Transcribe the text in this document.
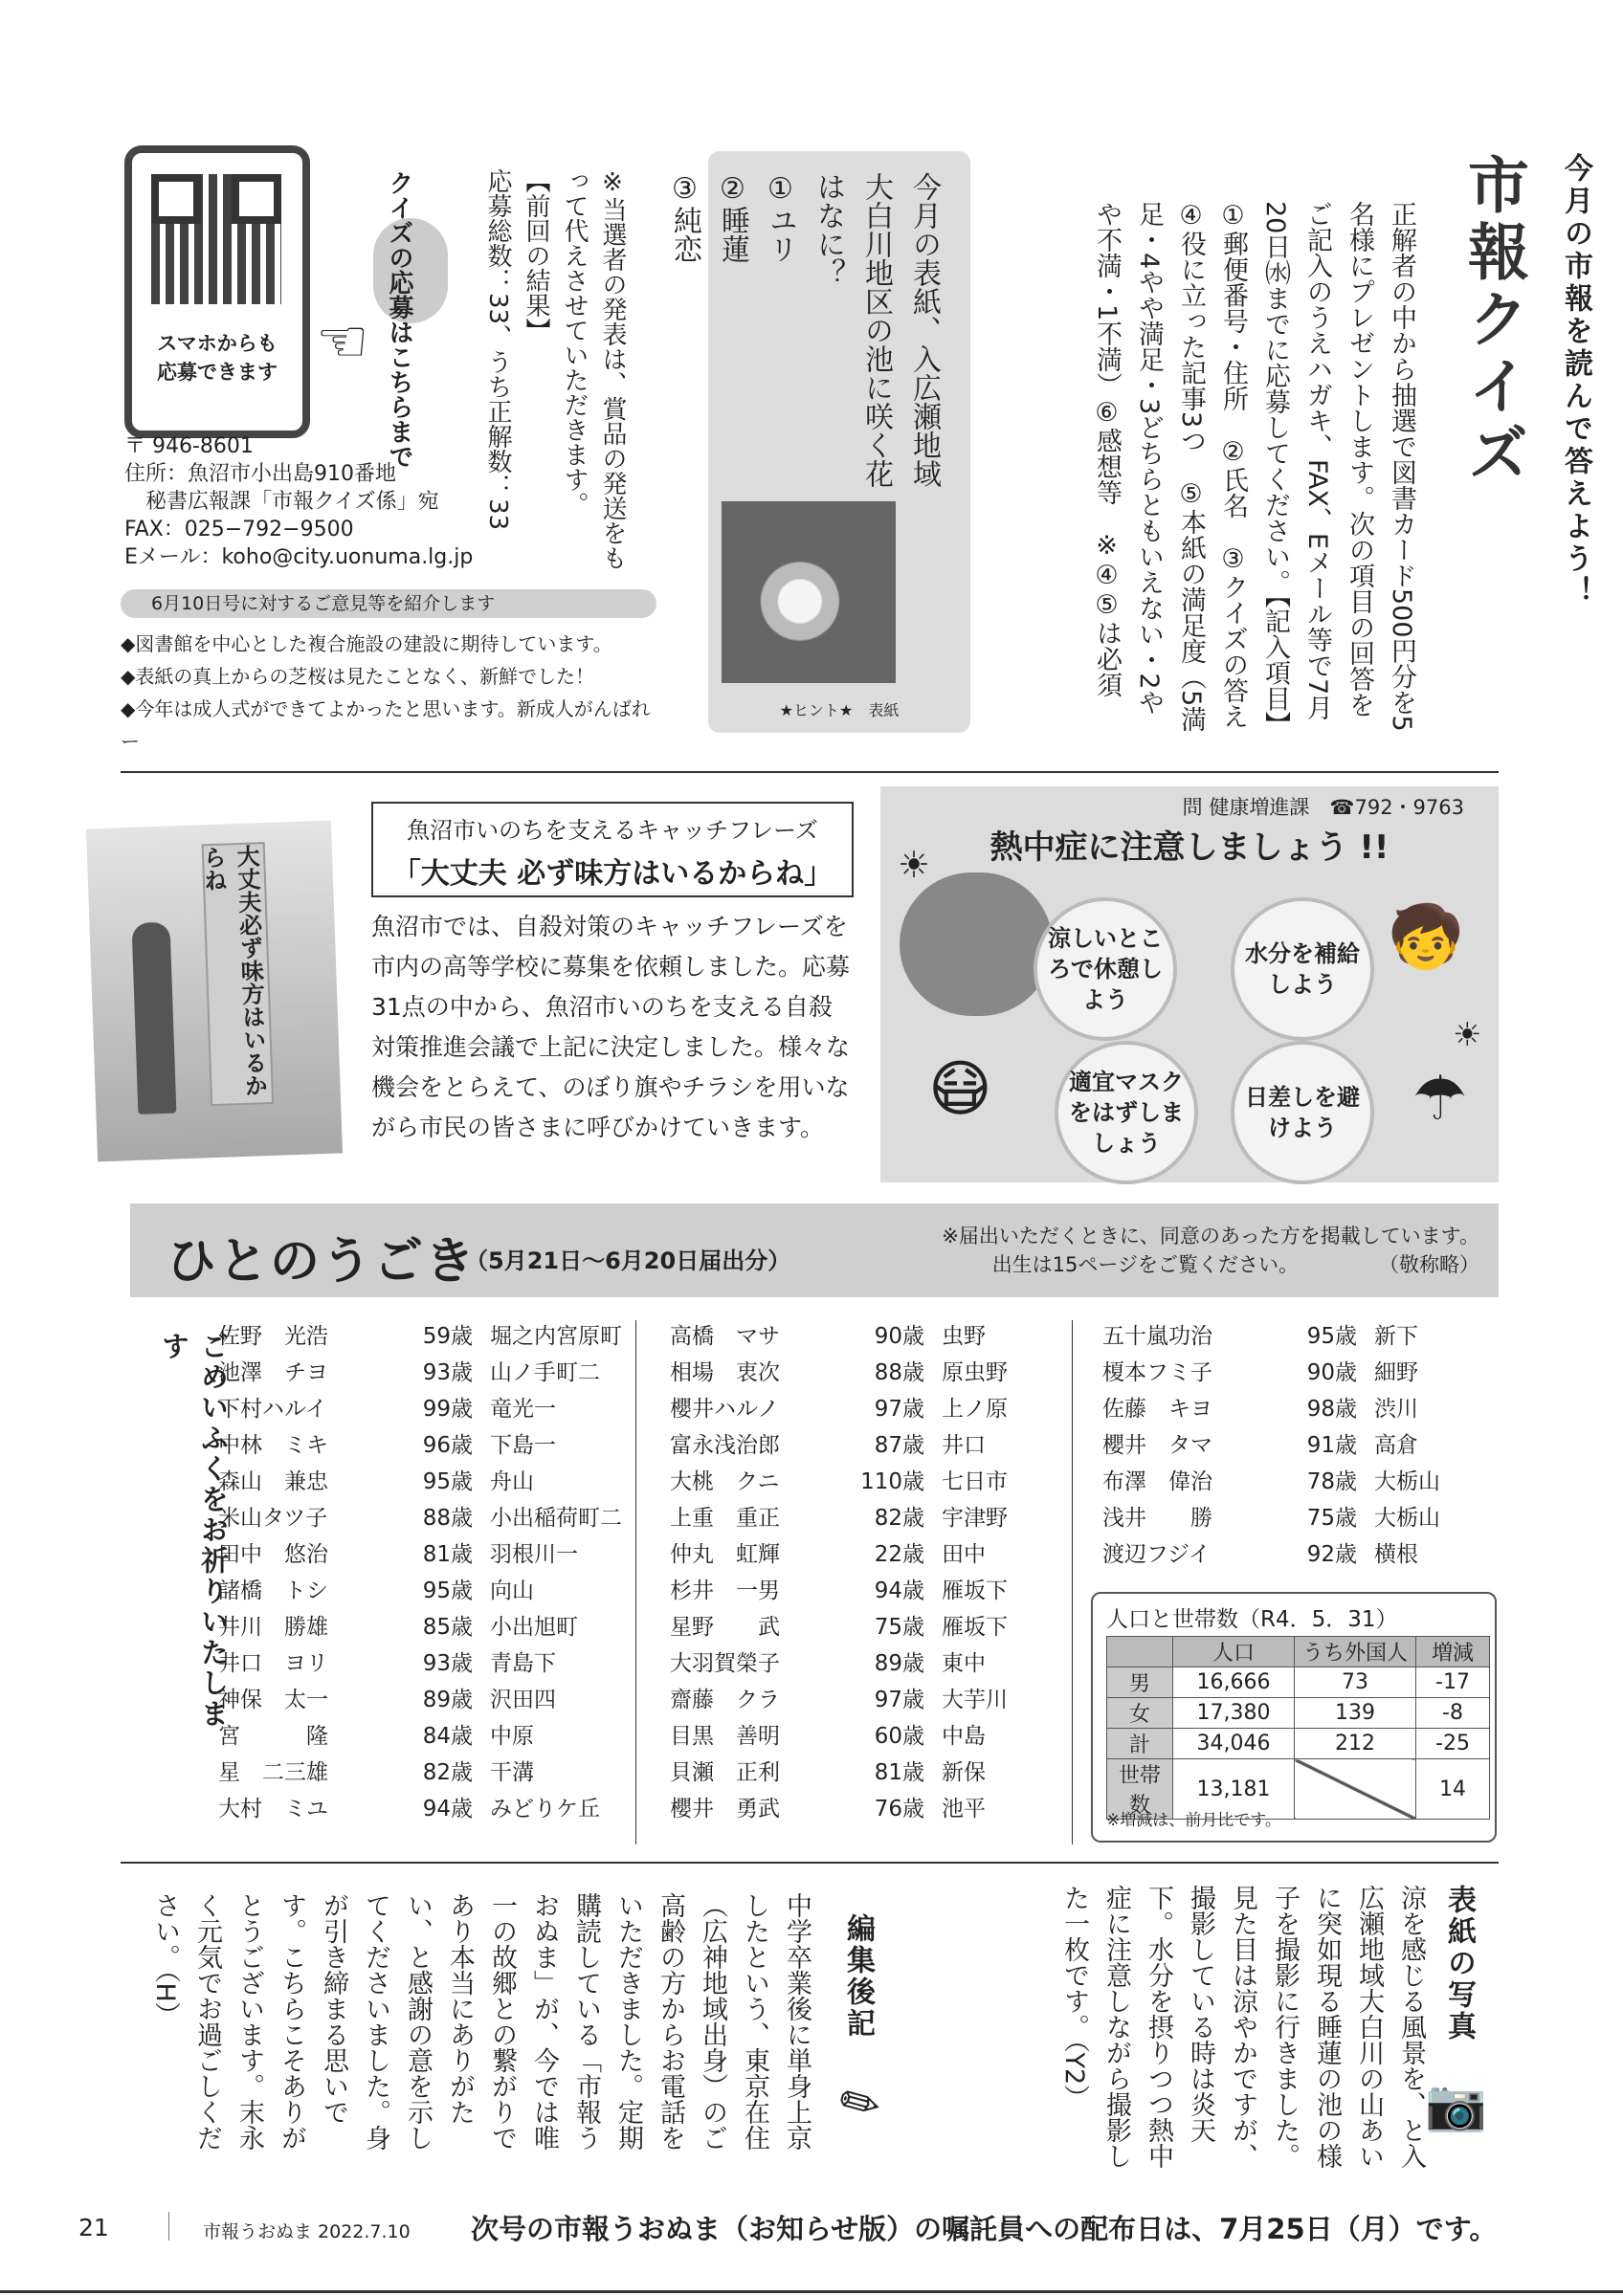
今月の市報を読んで答えよう！
市報クイズ
正解者の中から抽選で図書カード500円分を5名様にプレゼントします。次の項目の回答をご記入のうえハガキ、FAX、Eメール等で7月20日㈬までに応募してください。【記入項目】①郵便番号・住所　②氏名　③クイズの答え　④役に立った記事3つ　⑤本紙の満足度（5満足・4やや満足・3どちらともいえない・2やや不満・1不満）⑥感想等　※④⑤は必須
今月の表紙、入広瀬地域大白川地区の池に咲く花はなに？
①ユリ
②睡蓮
③純恋
★ヒント★　表紙
※当選者の発表は、賞品の発送をもって代えさせていただきます。
【前回の結果】
応募総数：33、うち正解数：33
クイズの応募はこちらまで
☜
スマホからも
応募できます
〒 946-8601
住所：魚沼市小出島910番地
　秘書広報課「市報クイズ係」宛
FAX：025−792−9500
Eメール：koho@city.uonuma.lg.jp
6月10日号に対するご意見等を紹介します
◆図書館を中心とした複合施設の建設に期待しています。
◆表紙の真上からの芝桜は見たことなく、新鮮でした！
◆今年は成人式ができてよかったと思います。新成人がんばれー
大丈夫必ず味方はいるからね
魚沼市いのちを支えるキャッチフレーズ
「大丈夫 必ず味方はいるからね」
魚沼市では、自殺対策のキャッチフレーズを市内の高等学校に募集を依頼しました。応募31点の中から、魚沼市いのちを支える自殺対策推進会議で上記に決定しました。様々な機会をとらえて、のぼり旗やチラシを用いながら市民の皆さまに呼びかけていきます。
問 健康増進課　☎792・9763
熱中症に注意しましょう !!
☀
☀
🧒
😷	☂
涼しいところで休憩しよう
水分を補給しよう
適宜マスクをはずしましょう
日差しを避けよう
ひとのうごき
（5月21日～6月20日届出分）
※届出いただくときに、同意のあった方を掲載しています。
出生は15ページをご覧ください。　　　　　（敬称略）
ごめいふくをお祈りいたします	佐野　光浩	59歳 堀之内宮原町
池澤　チヨ	93歳 山ノ手町二
下村ハルイ	99歳 竜光一
中林　ミキ	96歳 下島一
森山　兼忠	95歳 舟山
米山タツ子	88歳 小出稲荷町二
田中　悠治	81歳 羽根川一
諸橋　トシ	95歳 向山
井川　勝雄	85歳 小出旭町
井口　ヨリ	93歳 青島下
神保　太一	89歳 沢田四
宮　　　隆	84歳 中原
星　二三雄	82歳 干溝
大村　ミユ	94歳 みどりケ丘
高橋　マサ	90歳 虫野
相場　衷次	88歳 原虫野
櫻井ハルノ	97歳 上ノ原
富永浅治郎	87歳 井口
大桃　クニ	110歳 七日市
上重　重正	82歳 宇津野
仲丸　虹輝	22歳 田中
杉井　一男	94歳 雁坂下
星野　　武	75歳 雁坂下
大羽賀榮子	89歳 東中
齋藤　クラ	97歳 大芋川
目黒　善明	60歳 中島
貝瀬　正利	81歳 新保
櫻井　勇武	76歳 池平
五十嵐功治	95歳 新下
榎本フミ子	90歳 細野
佐藤　キヨ	98歳 渋川
櫻井　タマ	91歳 高倉
布澤　偉治	78歳 大栃山
浅井　　勝	75歳 大栃山
渡辺フジイ	92歳 横根
人口と世帯数（R4．5．31）
	人口	うち外国人	増減
男	16,666	73	-17
女	17,380	139	-8
計	34,046	212	-25
世帯数	13,181		14
※増減は、前月比です。
表紙の写真
📷
涼を感じる風景を、と入広瀬地域大白川の山あいに突如現る睡蓮の池の様子を撮影に行きました。見た目は涼やかですが、撮影している時は炎天下。水分を摂りつつ熱中症に注意しながら撮影した一枚です。（Y2）
編集後記
✎
中学卒業後に単身上京したという、東京在住（広神地域出身）のご高齢の方からお電話をいただきました。定期購読している「市報うおぬま」が、今では唯一の故郷との繋がりであり本当にありがたい、と感謝の意を示してくださいました。身が引き締まる思いです。こちらこそありがとうございます。末永く元気でお過ごしください。（H）
21	市報うおぬま 2022.7.10 次号の市報うおぬま（お知らせ版）の嘱託員への配布日は、7月25日（月）です。
